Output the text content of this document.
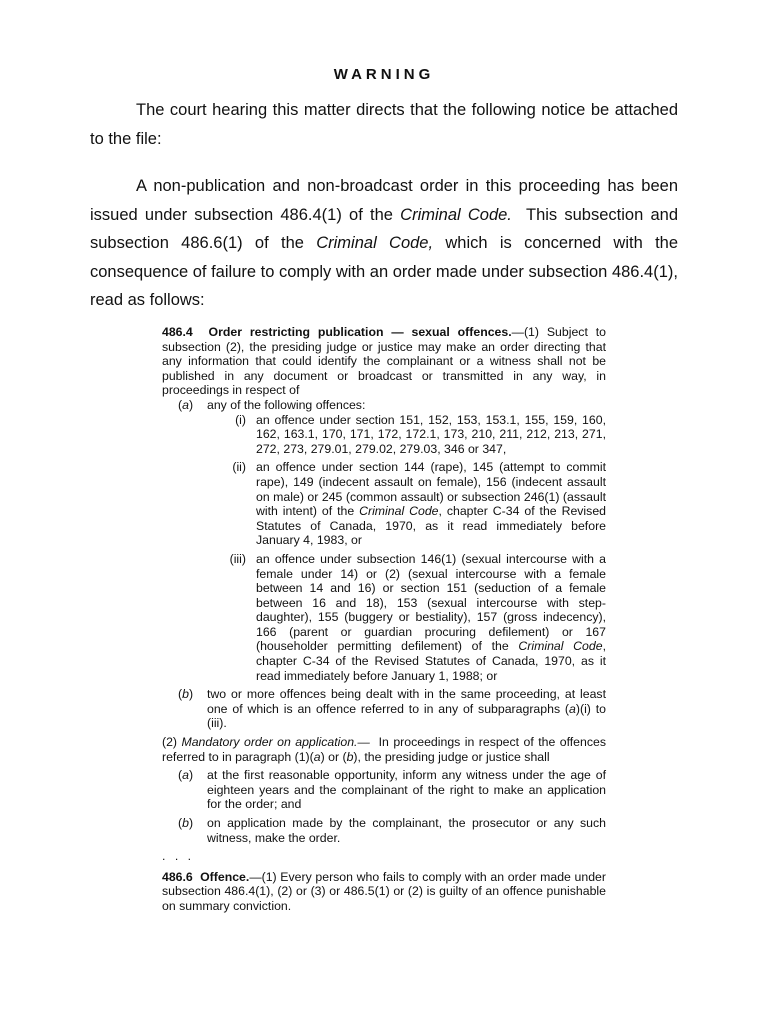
WARNING
The court hearing this matter directs that the following notice be attached to the file:
A non-publication and non-broadcast order in this proceeding has been issued under subsection 486.4(1) of the Criminal Code.  This subsection and subsection 486.6(1) of the Criminal Code, which is concerned with the consequence of failure to comply with an order made under subsection 486.4(1), read as follows:
486.4 Order restricting publication — sexual offences.—(1) Subject to subsection (2), the presiding judge or justice may make an order directing that any information that could identify the complainant or a witness shall not be published in any document or broadcast or transmitted in any way, in proceedings in respect of
(a)	any of the following offences:
(i) an offence under section 151, 152, 153, 153.1, 155, 159, 160, 162, 163.1, 170, 171, 172, 172.1, 173, 210, 211, 212, 213, 271, 272, 273, 279.01, 279.02, 279.03, 346 or 347,
(ii) an offence under section 144 (rape), 145 (attempt to commit rape), 149 (indecent assault on female), 156 (indecent assault on male) or 245 (common assault) or subsection 246(1) (assault with intent) of the Criminal Code, chapter C-34 of the Revised Statutes of Canada, 1970, as it read immediately before January 4, 1983, or
(iii) an offence under subsection 146(1) (sexual intercourse with a female under 14) or (2) (sexual intercourse with a female between 14 and 16) or section 151 (seduction of a female between 16 and 18), 153 (sexual intercourse with step-daughter), 155 (buggery or bestiality), 157 (gross indecency), 166 (parent or guardian procuring defilement) or 167 (householder permitting defilement) of the Criminal Code, chapter C-34 of the Revised Statutes of Canada, 1970, as it read immediately before January 1, 1988; or
(b)	two or more offences being dealt with in the same proceeding, at least one of which is an offence referred to in any of subparagraphs (a)(i) to (iii).
(2) Mandatory order on application.—  In proceedings in respect of the offences referred to in paragraph (1)(a) or (b), the presiding judge or justice shall
(a)	at the first reasonable opportunity, inform any witness under the age of eighteen years and the complainant of the right to make an application for the order; and
(b)	on application made by the complainant, the prosecutor or any such witness, make the order.
. . .
486.6 Offence.—(1) Every person who fails to comply with an order made under subsection 486.4(1), (2) or (3) or 486.5(1) or (2) is guilty of an offence punishable on summary conviction.
